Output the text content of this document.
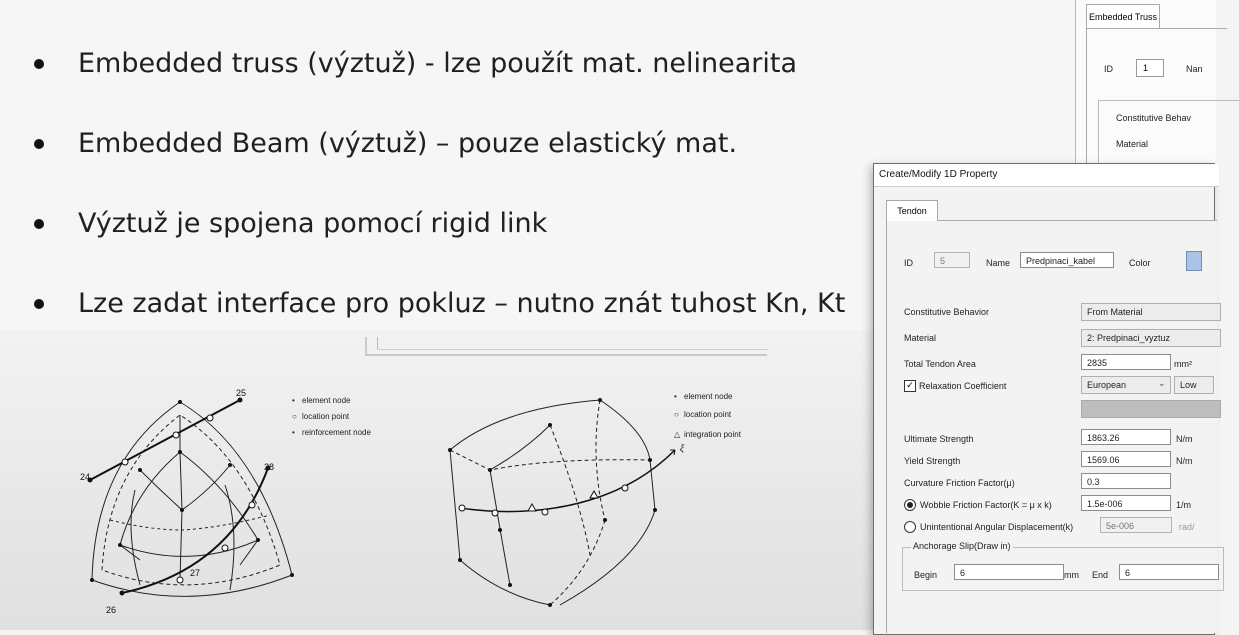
Embedded truss (výztuž) - lze použít mat. nelinearita
Embedded Beam (výztuž) – pouze elastický mat.
Výztuž je spojena pomocí rigid link
Lze zadat interface pro pokluz – nutno znát tuhost Kn, Kt
25
24
28
27
26
• element node
○ location point
• reinforcement node
ξ
• element node
○ location point
△ integration point
Embedded Truss
ID	1	Nan
Constitutive Behav
Material
Create/Modify 1D Property
Tendon
ID	5	Name	Predpinaci_kabel	Color
Constitutive Behavior	From Material
Material	2: Predpinaci_vyztuz
Total Tendon Area	2835	mm²
✓ Relaxation Coefficient	European	⌄	Low
Ultimate Strength	1863.26	N/m
Yield Strength	1569.06	N/m
Curvature Friction Factor(μ)	0.3
Wobble Friction Factor(K = μ x k)	1.5e-006	1/m
Unintentional Angular Displacement(k)	5e-006	rad/
Anchorage Slip(Draw in)
Begin	6	mm End	6
